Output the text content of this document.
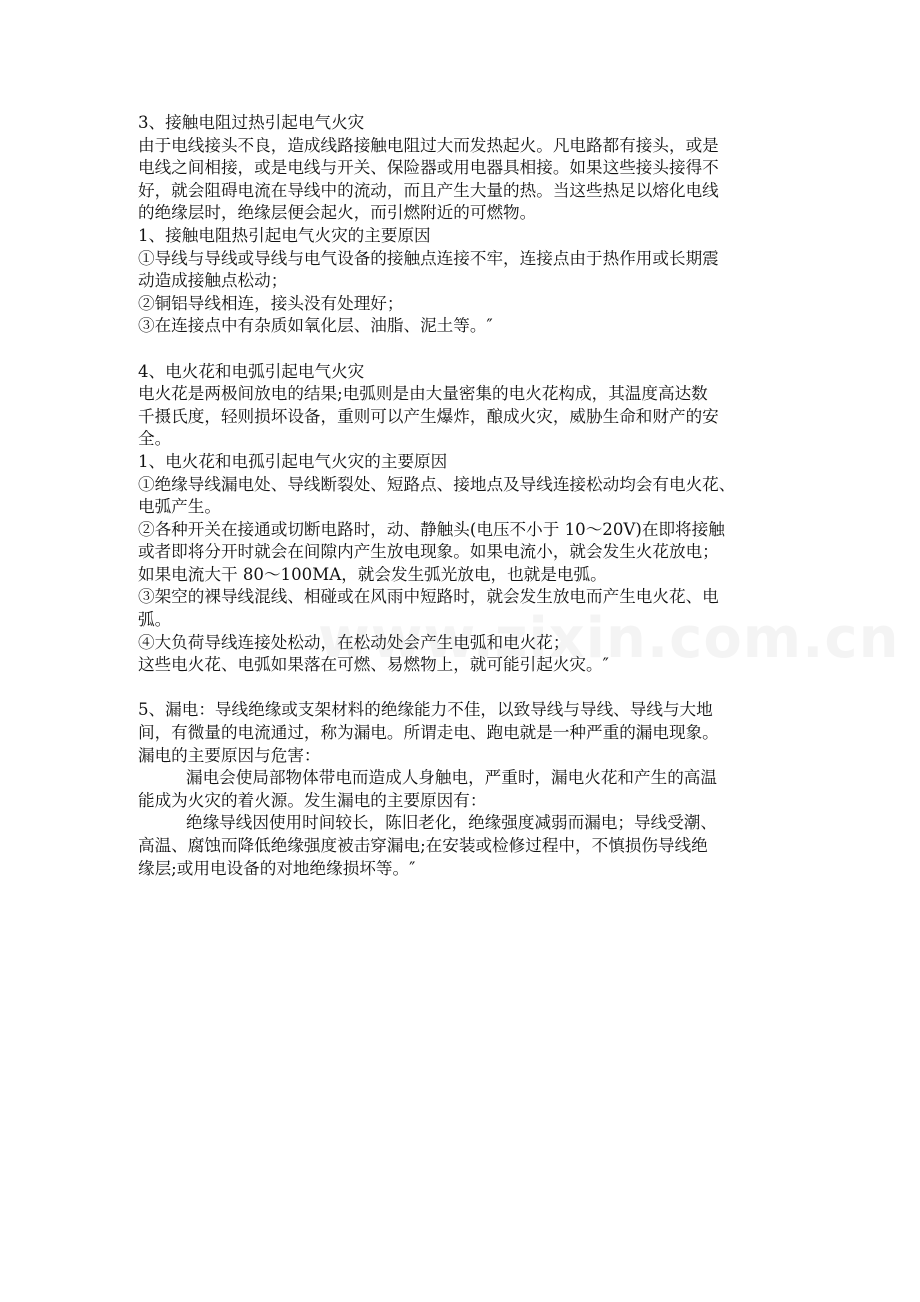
3、接触电阻过热引起电气火灾
由于电线接头不良，造成线路接触电阻过大而发热起火。凡电路都有接头，或是
电线之间相接，或是电线与开关、保险器或用电器具相接。如果这些接头接得不
好，就会阻碍电流在导线中的流动，而且产生大量的热。当这些热足以熔化电线
的绝缘层时，绝缘层便会起火，而引燃附近的可燃物。
1、接触电阻热引起电气火灾的主要原因
①导线与导线或导线与电气设备的接触点连接不牢，连接点由于热作用或长期震
动造成接触点松动；
②铜铝导线相连，接头没有处理好；
③在连接点中有杂质如氧化层、油脂、泥土等。″
4、电火花和电弧引起电气火灾
电火花是两极间放电的结果;电弧则是由大量密集的电火花构成，其温度高达数
千摄氏度，轻则损坏设备，重则可以产生爆炸，酿成火灾，威胁生命和财产的安
全。
1、电火花和电孤引起电气火灾的主要原因
①绝缘导线漏电处、导线断裂处、短路点、接地点及导线连接松动均会有电火花、
电弧产生。
②各种开关在接通或切断电路时，动、静触头(电压不小于 10～20V)在即将接触
或者即将分开时就会在间隙内产生放电现象。如果电流小，就会发生火花放电；
如果电流大干 80～100MA，就会发生弧光放电，也就是电弧。
③架空的裸导线混线、相碰或在风雨中短路时，就会发生放电而产生电火花、电
弧。
④大负荷导线连接处松动，在松动处会产生电弧和电火花；
这些电火花、电弧如果落在可燃、易燃物上，就可能引起火灾。″
5、漏电：导线绝缘或支架材料的绝缘能力不佳，以致导线与导线、导线与大地
间，有微量的电流通过，称为漏电。所谓走电、跑电就是一种严重的漏电现象。
漏电的主要原因与危害：
漏电会使局部物体带电而造成人身触电，严重时，漏电火花和产生的高温
能成为火灾的着火源。发生漏电的主要原因有：
绝缘导线因使用时间较长，陈旧老化，绝缘强度减弱而漏电；导线受潮、
高温、腐蚀而降低绝缘强度被击穿漏电;在安装或检修过程中，不慎损伤导线绝
缘层;或用电设备的对地绝缘损坏等。″
